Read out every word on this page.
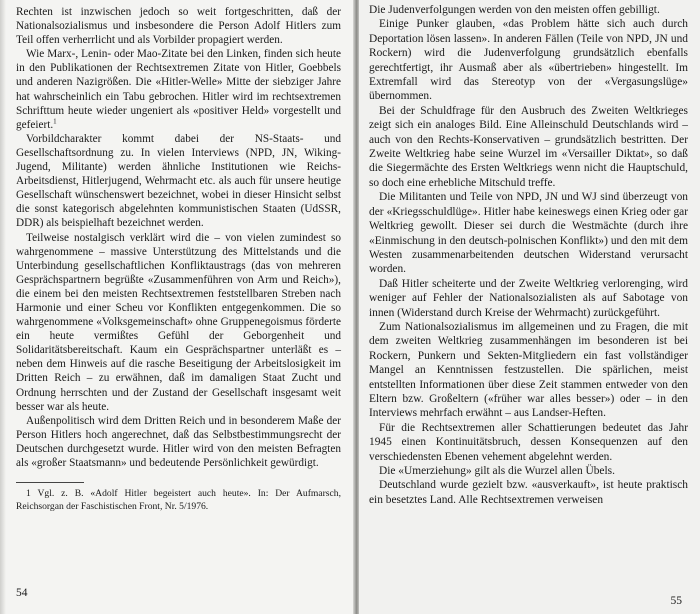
Rechten ist inzwischen jedoch so weit fortgeschritten, daß der Nationalsozialismus und insbesondere die Person Adolf Hitlers zum Teil offen verherrlicht und als Vorbilder propagiert werden.

Wie Marx-, Lenin- oder Mao-Zitate bei den Linken, finden sich heute in den Publikationen der Rechtsextremen Zitate von Hitler, Goebbels und anderen Nazigrößen. Die «Hitler-Welle» Mitte der siebziger Jahre hat wahrscheinlich ein Tabu gebrochen. Hitler wird im rechtsextremen Schrifttum heute wieder ungeniert als «positiver Held» vorgestellt und gefeiert.$^1$

Vorbildcharakter kommt dabei der NS-Staats- und Gesellschaftsordnung zu. In vielen Interviews (NPD, JN, Wiking-Jugend, Militante) werden ähnliche Institutionen wie Reichs-Arbeitsdienst, Hitlerjugend, Wehrmacht etc. als auch für unsere heutige Gesellschaft wünschenswert bezeichnet, wobei in dieser Hinsicht selbst die sonst kategorisch abgelehnten kommunistischen Staaten (UdSSR, DDR) als beispielhaft bezeichnet werden.

Teilweise nostalgisch verklärt wird die – von vielen zumindest so wahrgenommene – massive Unterstützung des Mittelstands und die Unterbindung gesellschaftlichen Konfliktaustrags (das von mehreren Gesprächspartnern begrüßte «Zusammenführen von Arm und Reich»), die einem bei den meisten Rechtsextremen feststellbaren Streben nach Harmonie und einer Scheu vor Konflikten entgegenkommen. Die so wahrgenommene «Volksgemeinschaft» ohne Gruppenegoismus förderte ein heute vermißtes Gefühl der Geborgenheit und Solidaritätsbereitschaft. Kaum ein Gesprächspartner unterläßt es – neben dem Hinweis auf die rasche Beseitigung der Arbeitslosigkeit im Dritten Reich – zu erwähnen, daß im damaligen Staat Zucht und Ordnung herrschten und der Zustand der Gesellschaft insgesamt weit besser war als heute.

Außenpolitisch wird dem Dritten Reich und in besonderem Maße der Person Hitlers hoch angerechnet, daß das Selbstbestimmungsrecht der Deutschen durchgesetzt wurde. Hitler wird von den meisten Befragten als «großer Staatsmann» und bedeutende Persönlichkeit gewürdigt.

1 Vgl. z. B. «Adolf Hitler begeistert auch heute». In: Der Aufmarsch, Reichsorgan der Faschistischen Front, Nr. 5/1976.

54

Die Judenverfolgungen werden von den meisten offen gebilligt.

Einige Punker glauben, «das Problem hätte sich auch durch Deportation lösen lassen». In anderen Fällen (Teile von NPD, JN und Rockern) wird die Judenverfolgung grundsätzlich ebenfalls gerechtfertigt, ihr Ausmaß aber als «übertrieben» hingestellt. Im Extremfall wird das Stereotyp von der «Vergasungslüge» übernommen.

Bei der Schuldfrage für den Ausbruch des Zweiten Weltkrieges zeigt sich ein analoges Bild. Eine Alleinschuld Deutschlands wird – auch von den Rechts-Konservativen – grundsätzlich bestritten. Der Zweite Weltkrieg habe seine Wurzel im «Versailler Diktat», so daß die Siegermächte des Ersten Weltkriegs wenn nicht die Hauptschuld, so doch eine erhebliche Mitschuld treffe.

Die Militanten und Teile von NPD, JN und WJ sind überzeugt von der «Kriegsschuldlüge». Hitler habe keineswegs einen Krieg oder gar Weltkrieg gewollt. Dieser sei durch die Westmächte (durch ihre «Einmischung in den deutsch-polnischen Konflikt») und den mit dem Westen zusammenarbeitenden deutschen Widerstand verursacht worden.

Daß Hitler scheiterte und der Zweite Weltkrieg verlorenging, wird weniger auf Fehler der Nationalsozialisten als auf Sabotage von innen (Widerstand durch Kreise der Wehrmacht) zurückgeführt.

Zum Nationalsozialismus im allgemeinen und zu Fragen, die mit dem zweiten Weltkrieg zusammenhängen im besonderen ist bei Rockern, Punkern und Sekten-Mitgliedern ein fast vollständiger Mangel an Kenntnissen festzustellen. Die spärlichen, meist entstellten Informationen über diese Zeit stammen entweder von den Eltern bzw. Großeltern («früher war alles besser») oder – in den Interviews mehrfach erwähnt – aus Landser-Heften.

Für die Rechtsextremen aller Schattierungen bedeutet das Jahr 1945 einen Kontinuitätsbruch, dessen Konsequenzen auf den verschiedensten Ebenen vehement abgelehnt werden.

Die «Umerziehung» gilt als die Wurzel allen Übels.

Deutschland wurde gezielt bzw. «ausverkauft», ist heute praktisch ein besetztes Land. Alle Rechtsextremen verweisen

55
